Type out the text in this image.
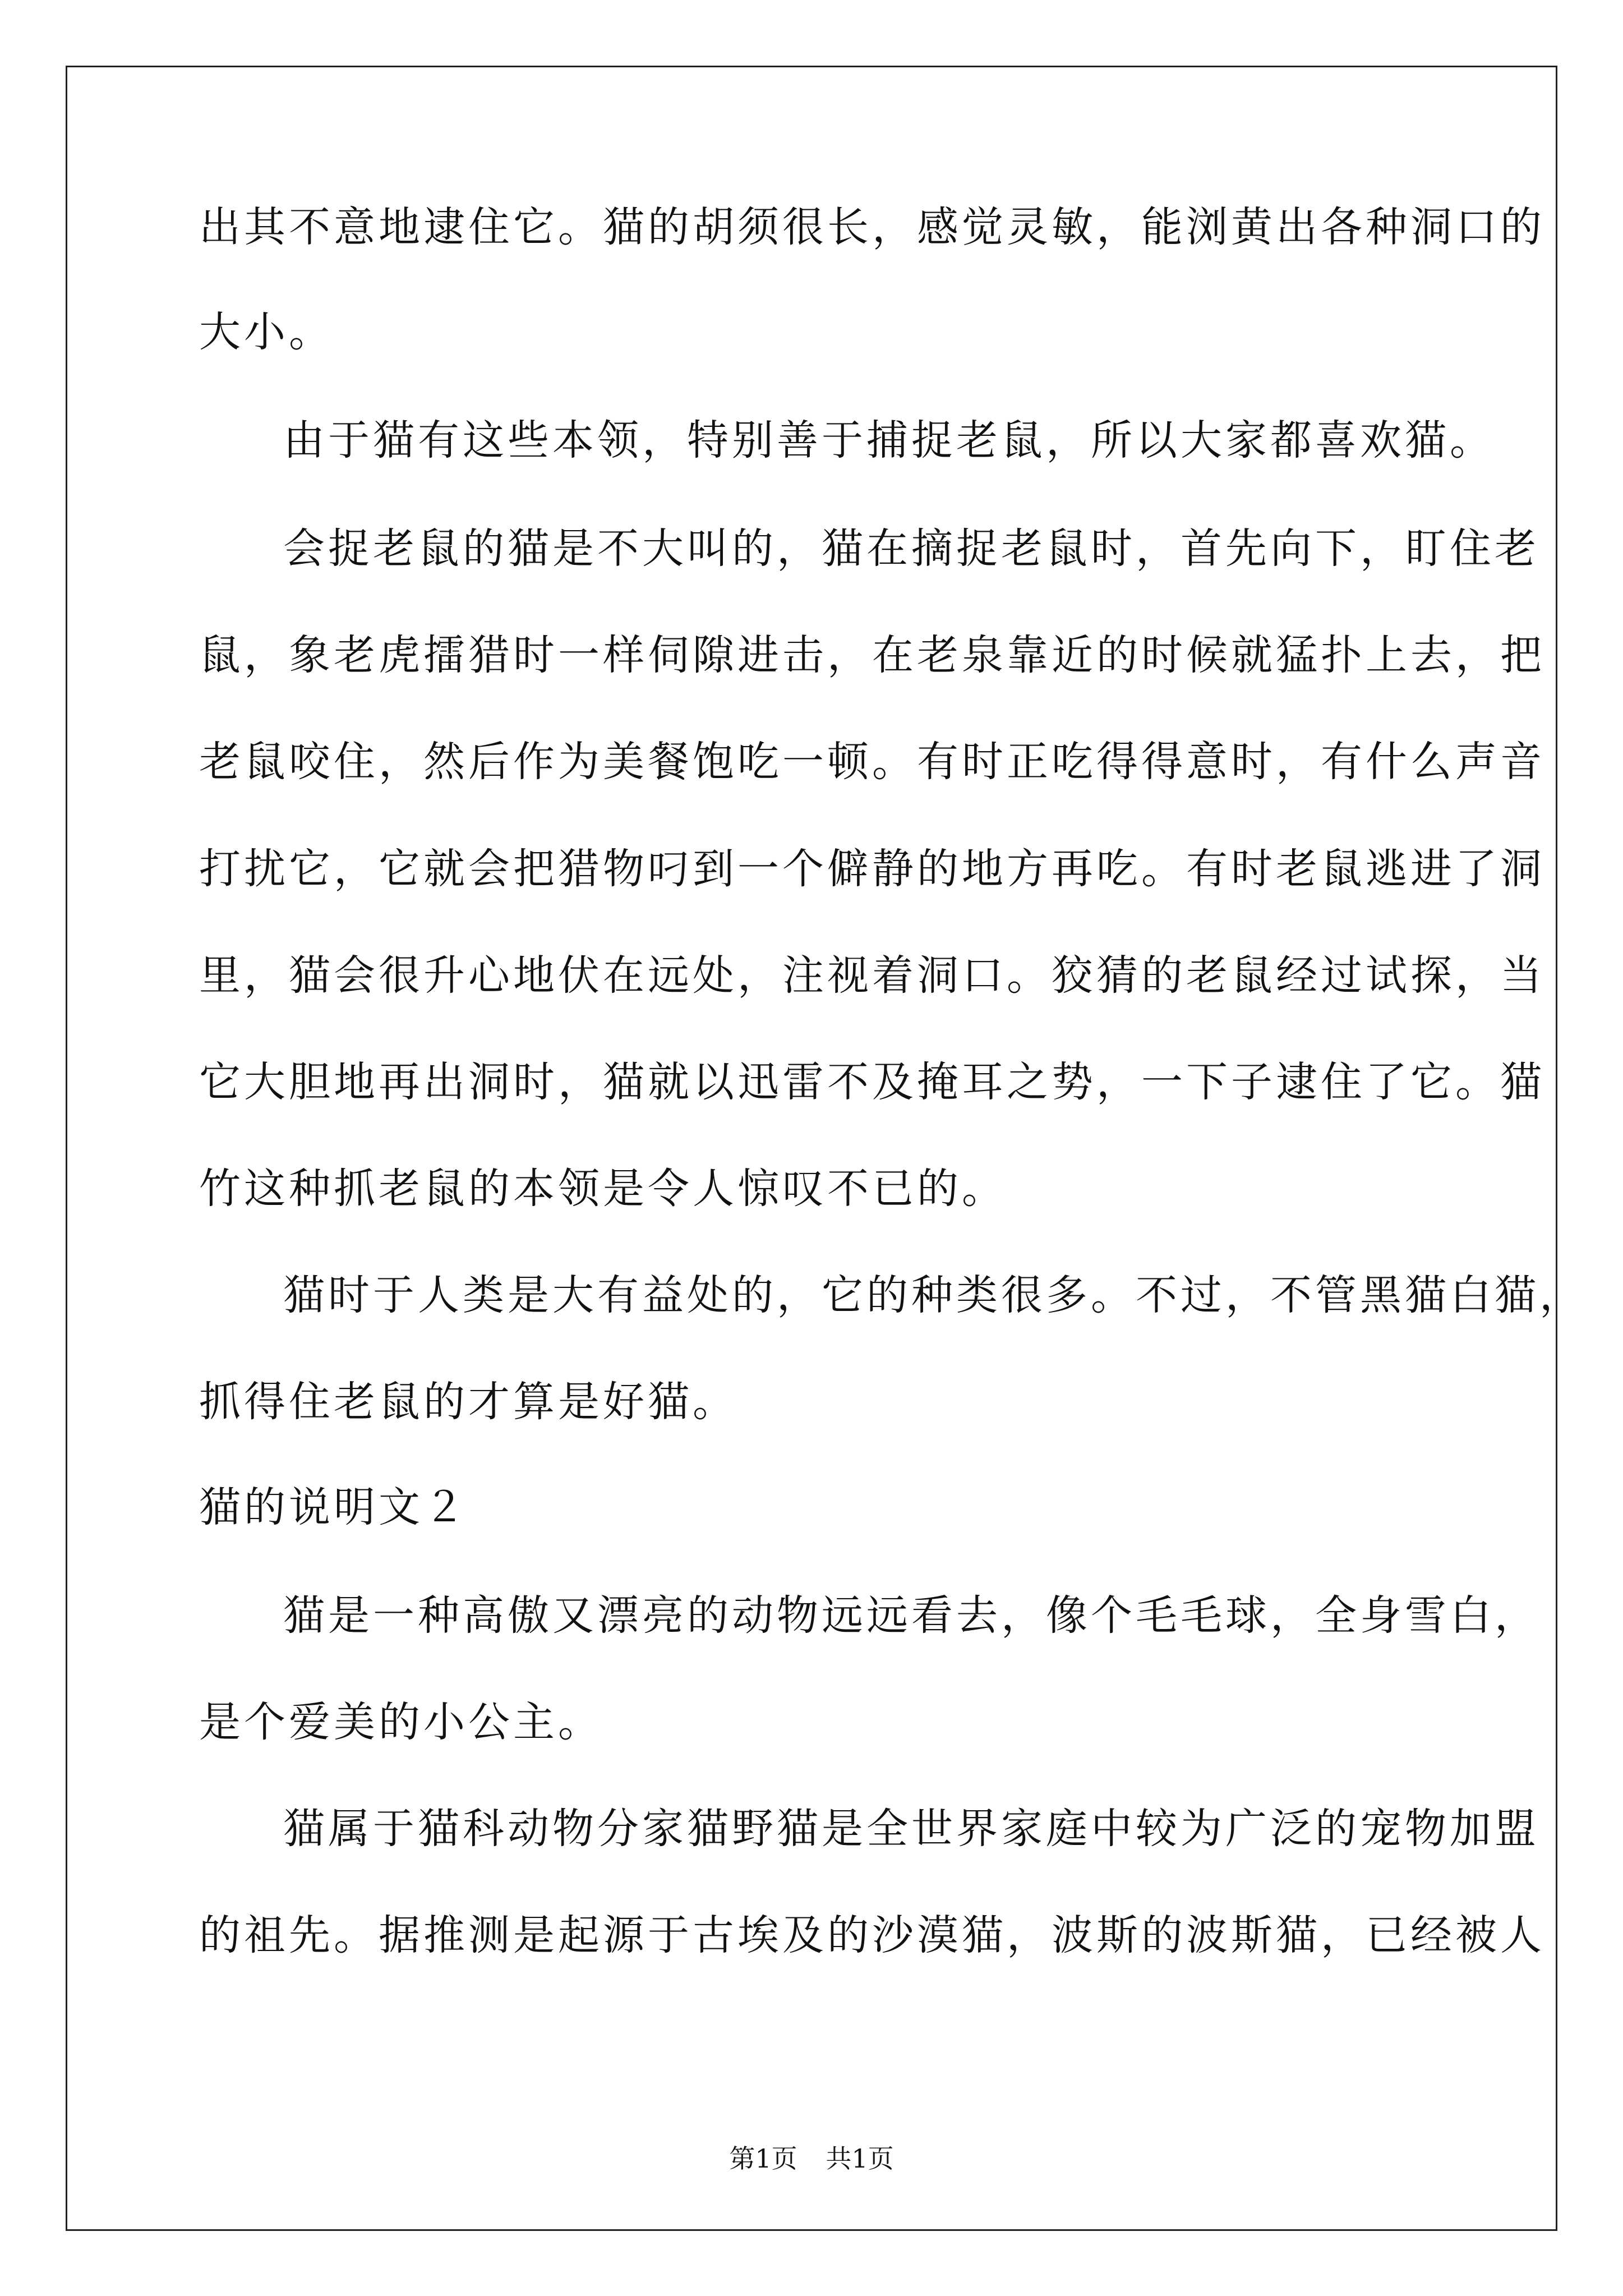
出其不意地逮住它。猫的胡须很长，感觉灵敏，能浏黄出各种洞口的
大小。
由于猫有这些本领，特别善于捕捉老鼠，所以大家都喜欢猫。
会捉老鼠的猫是不大叫的，猫在摘捉老鼠时，首先向下，盯住老
鼠，象老虎擂猎时一样伺隙进击，在老泉靠近的时候就猛扑上去，把
老鼠咬住，然后作为美餐饱吃一顿。有时正吃得得意时，有什么声音
打扰它，它就会把猎物叼到一个僻静的地方再吃。有时老鼠逃进了洞
里，猫会很升心地伏在远处，注视着洞口。狡猜的老鼠经过试探，当
它大胆地再出洞时，猫就以迅雷不及掩耳之势，一下子逮住了它。猫
竹这种抓老鼠的本领是令人惊叹不已的。
猫时于人类是大有益处的，它的种类很多。不过，不管黑猫白猫，
抓得住老鼠的才算是好猫。
猫的说明文２
猫是一种高傲又漂亮的动物远远看去，像个毛毛球，全身雪白，
是个爱美的小公主。
猫属于猫科动物分家猫野猫是全世界家庭中较为广泛的宠物加盟
的祖先。据推测是起源于古埃及的沙漠猫，波斯的波斯猫，已经被人
第1页 共1页
